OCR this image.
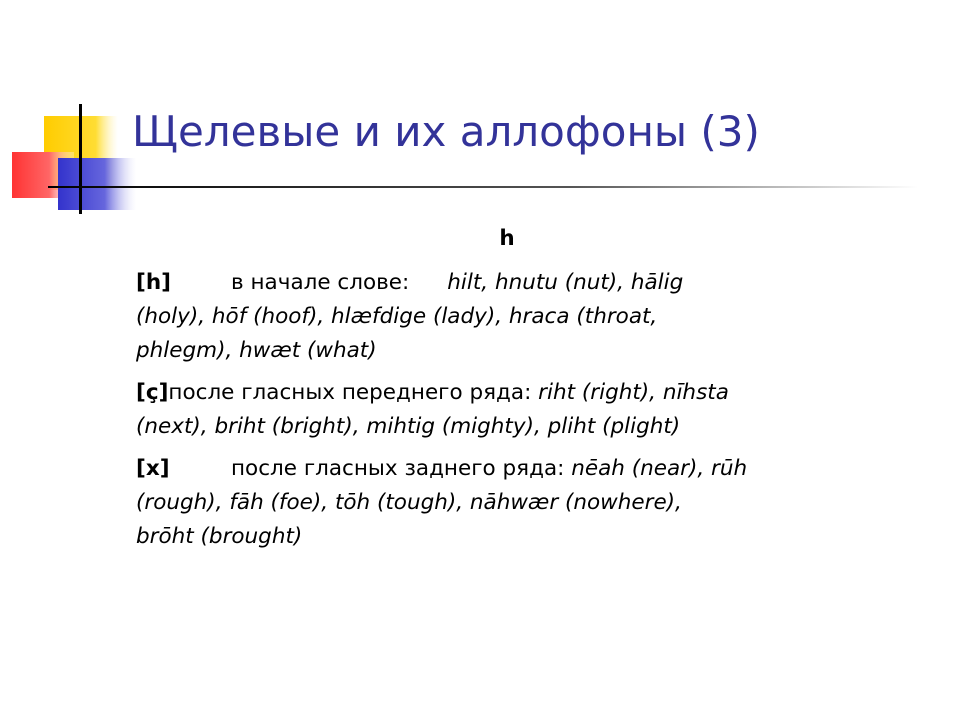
Щелевые и их аллофоны (3)
h
[h]	в начале слове: hilt, hnutu (nut), hālig
(holy), hōf (hoof), hlæfdige (lady), hraca (throat,
phlegm), hwæt (what)
[ç]после гласных переднего ряда: riht (right), nīhsta
(next), briht (bright), mihtig (mighty), pliht (plight)
[x]	после гласных заднего ряда: nēah (near), rūh
(rough), fāh (foe), tōh (tough), nāhwær (nowhere),
brōht (brought)
